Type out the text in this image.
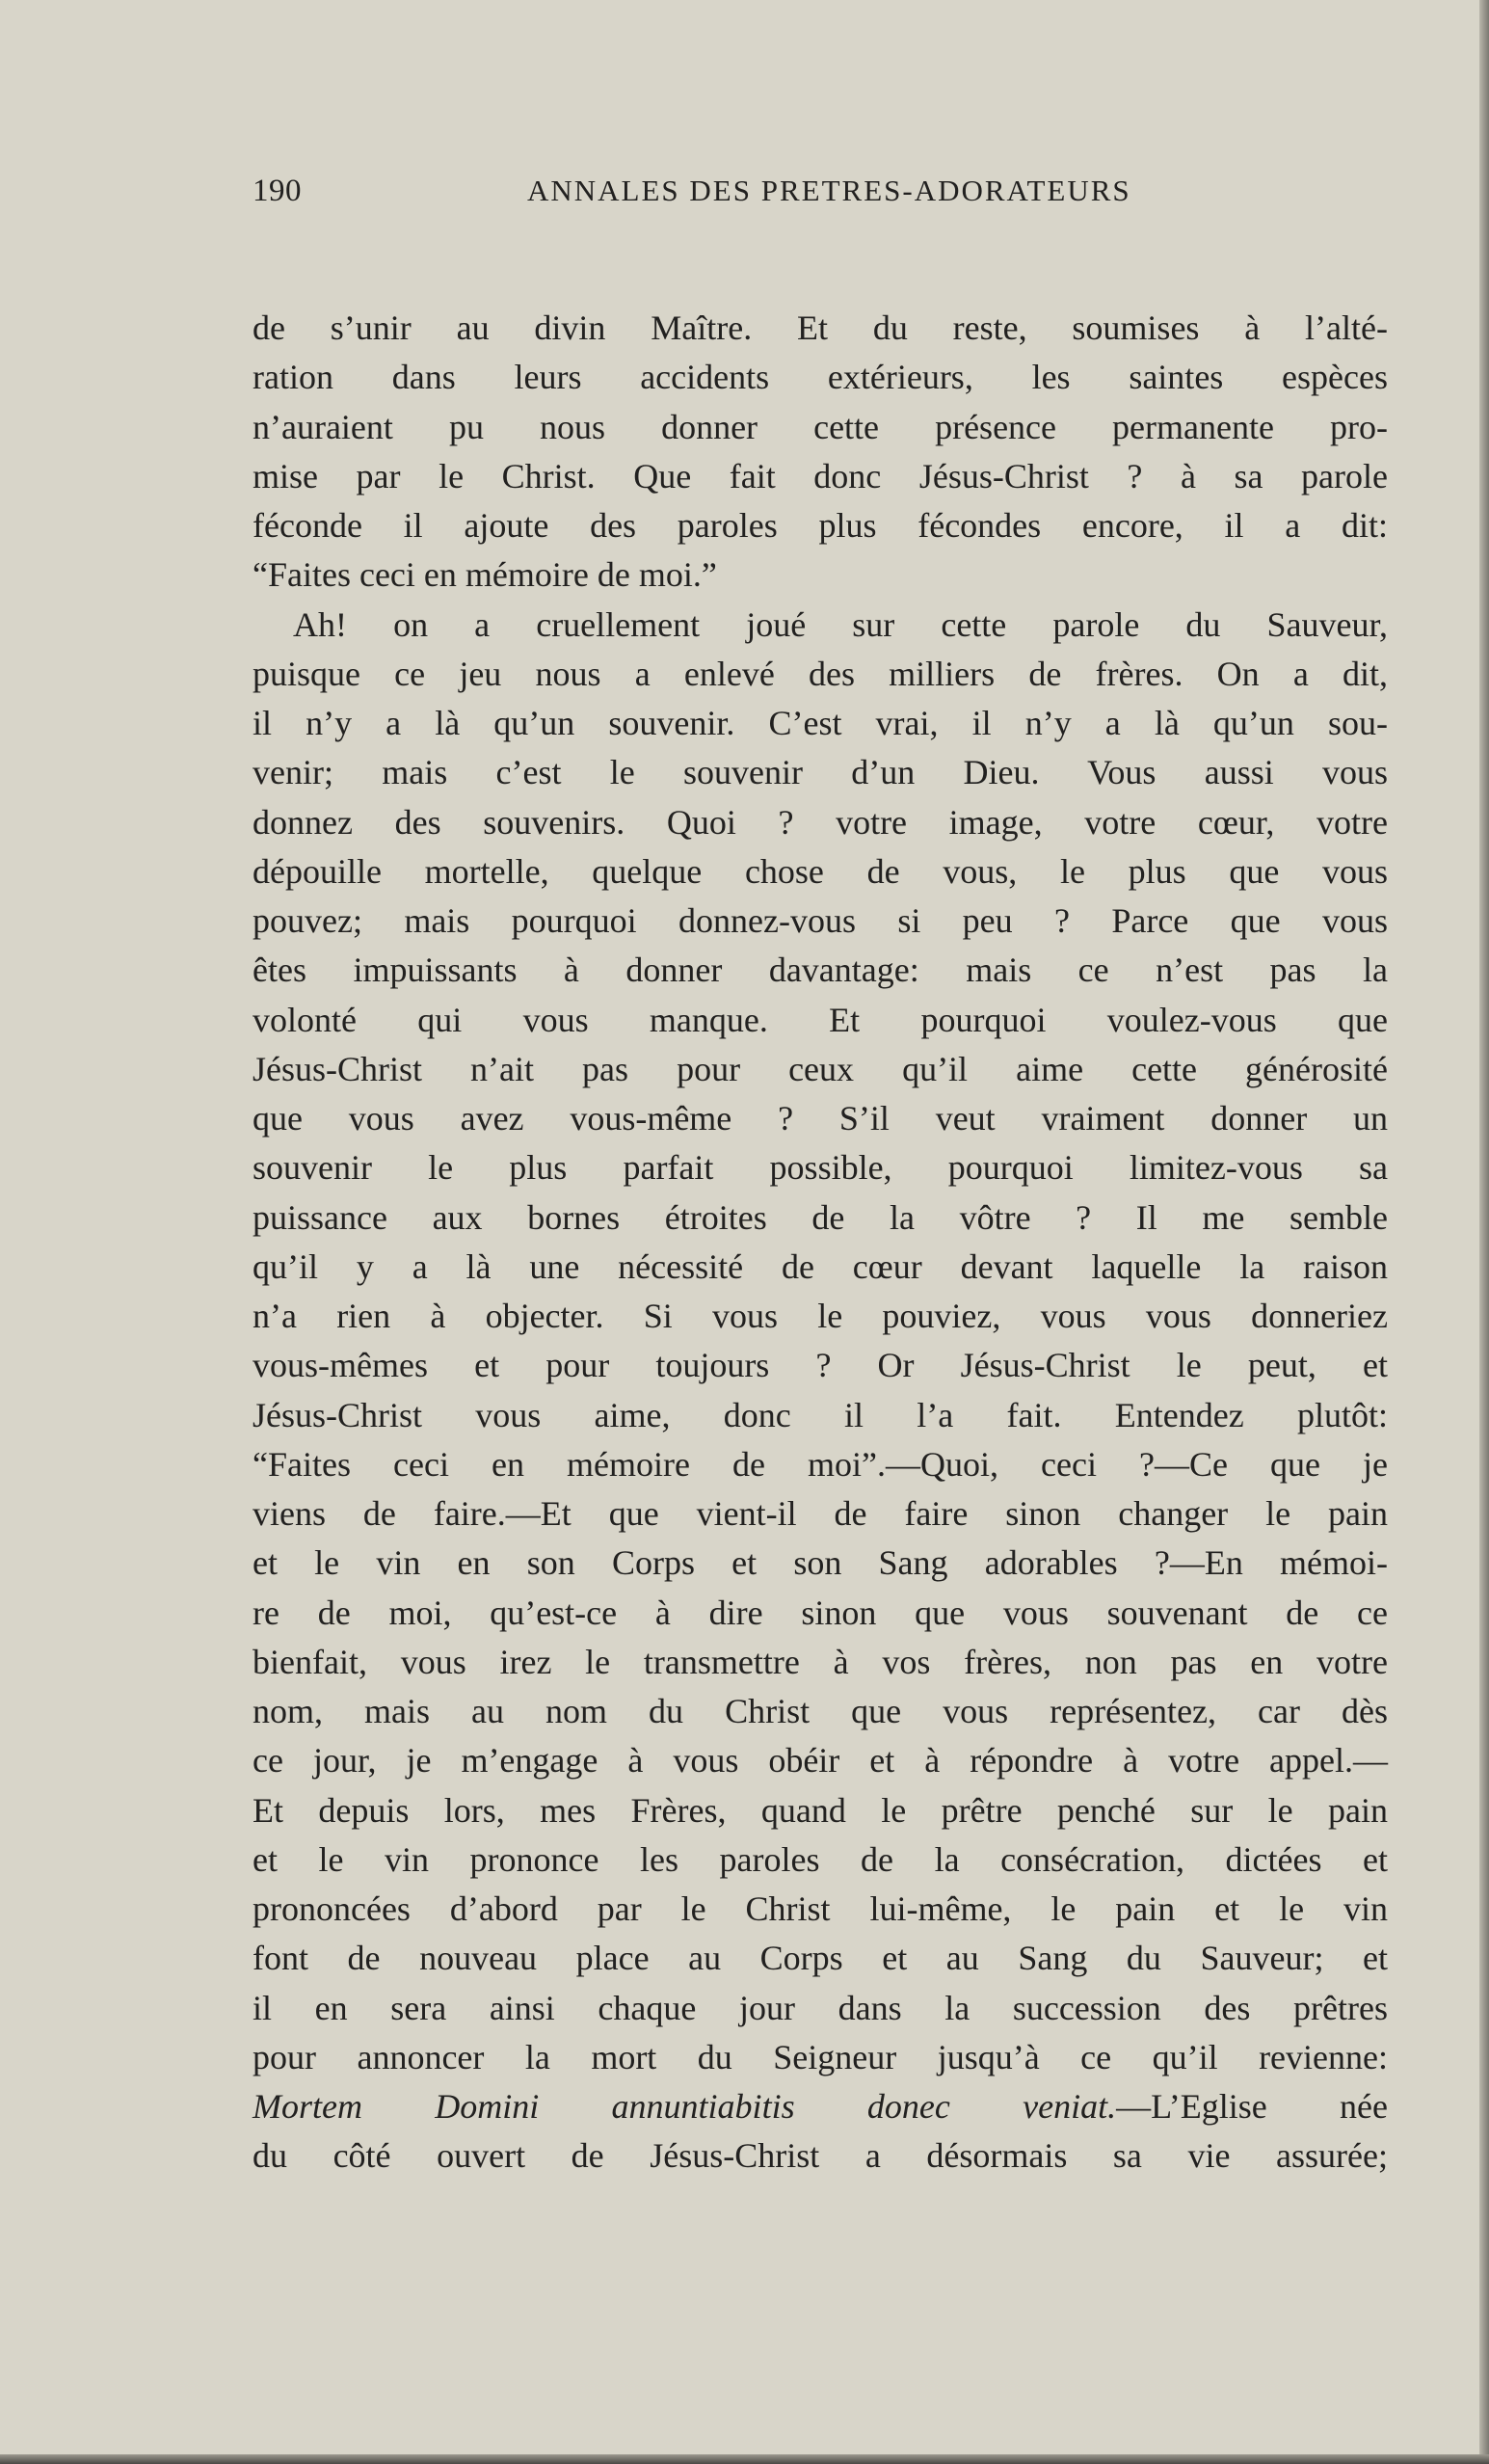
190	ANNALES DES PRETRES-ADORATEURS
de s’unir au divin Maître. Et du reste, soumises à l’alté-
ration dans leurs accidents extérieurs, les saintes espèces
n’auraient pu nous donner cette présence permanente pro-
mise par le Christ. Que fait donc Jésus-Christ ? à sa parole
féconde il ajoute des paroles plus fécondes encore, il a dit:
“Faites ceci en mémoire de moi.”
Ah! on a cruellement joué sur cette parole du Sauveur,
puisque ce jeu nous a enlevé des milliers de frères. On a dit,
il n’y a là qu’un souvenir. C’est vrai, il n’y a là qu’un sou-
venir; mais c’est le souvenir d’un Dieu. Vous aussi vous
donnez des souvenirs. Quoi ? votre image, votre cœur, votre
dépouille mortelle, quelque chose de vous, le plus que vous
pouvez; mais pourquoi donnez-vous si peu ? Parce que vous
êtes impuissants à donner davantage: mais ce n’est pas la
volonté qui vous manque. Et pourquoi voulez-vous que
Jésus-Christ n’ait pas pour ceux qu’il aime cette générosité
que vous avez vous-même ? S’il veut vraiment donner un
souvenir le plus parfait possible, pourquoi limitez-vous sa
puissance aux bornes étroites de la vôtre ? Il me semble
qu’il y a là une nécessité de cœur devant laquelle la raison
n’a rien à objecter. Si vous le pouviez, vous vous donneriez
vous-mêmes et pour toujours ? Or Jésus-Christ le peut, et
Jésus-Christ vous aime, donc il l’a fait. Entendez plutôt:
“Faites ceci en mémoire de moi”.—Quoi, ceci ?—Ce que je
viens de faire.—Et que vient-il de faire sinon changer le pain
et le vin en son Corps et son Sang adorables ?—En mémoi-
re de moi, qu’est-ce à dire sinon que vous souvenant de ce
bienfait, vous irez le transmettre à vos frères, non pas en votre
nom, mais au nom du Christ que vous représentez, car dès
ce jour, je m’engage à vous obéir et à répondre à votre appel.—
Et depuis lors, mes Frères, quand le prêtre penché sur le pain
et le vin prononce les paroles de la consécration, dictées et
prononcées d’abord par le Christ lui-même, le pain et le vin
font de nouveau place au Corps et au Sang du Sauveur; et
il en sera ainsi chaque jour dans la succession des prêtres
pour annoncer la mort du Seigneur jusqu’à ce qu’il revienne:
Mortem Domini annuntiabitis donec veniat.—L’Eglise née
du côté ouvert de Jésus-Christ a désormais sa vie assurée;
